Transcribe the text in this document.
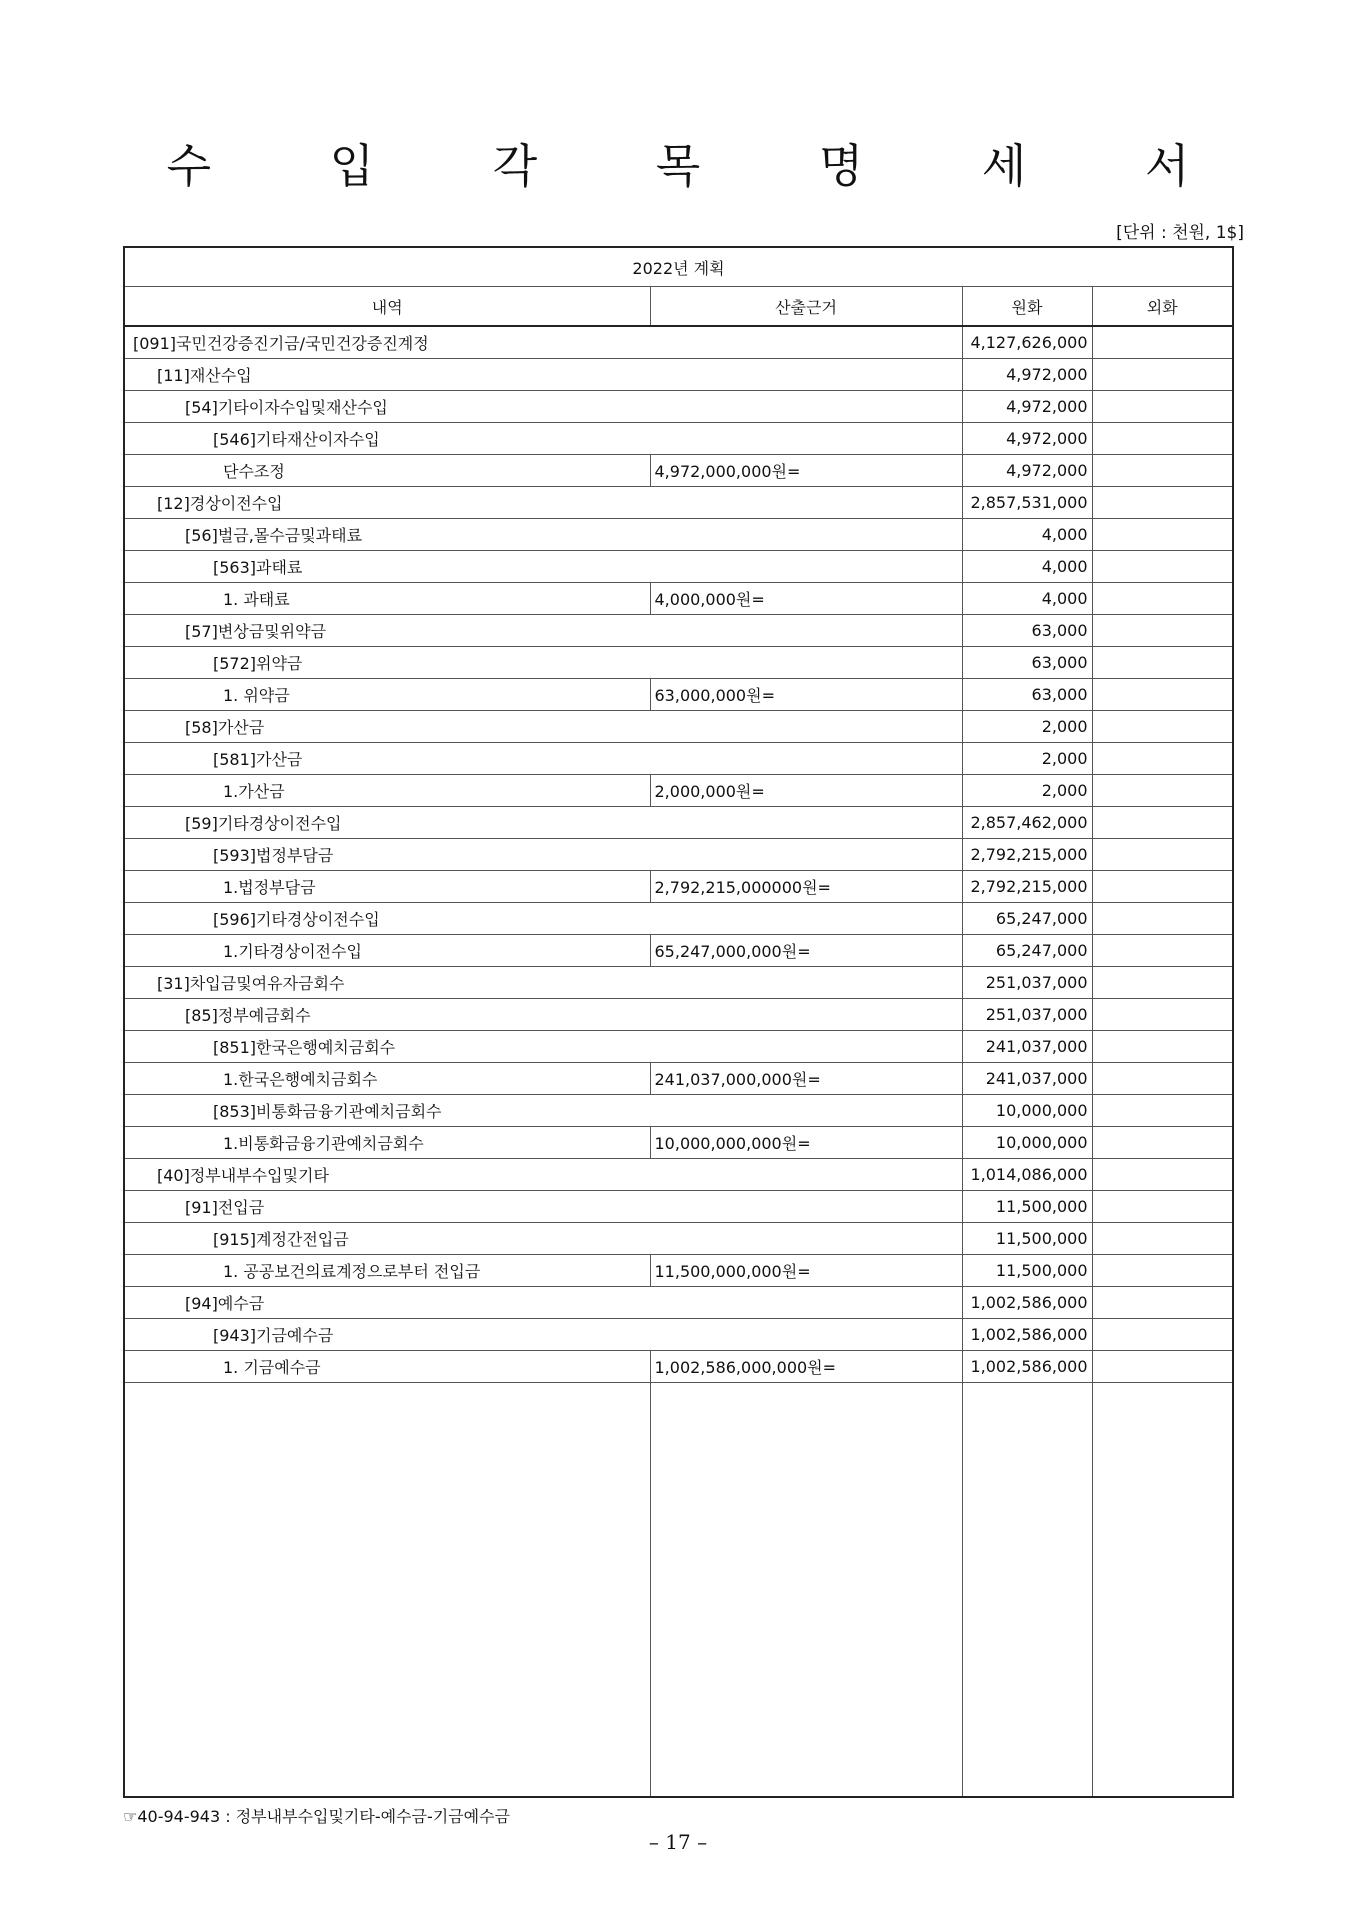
수 입 각 목 명 세 서
[단위 : 천원, 1$]
2022년 계획			
내역	산출근거	원화	외화
[091]국민건강증진기금/국민건강증진계정		4,127,626,000	
[11]재산수입		4,972,000	
[54]기타이자수입및재산수입		4,972,000	
[546]기타재산이자수입		4,972,000	
단수조정	4,972,000,000원=	4,972,000	
[12]경상이전수입		2,857,531,000	
[56]벌금,몰수금및과태료		4,000	
[563]과태료		4,000	
1. 과태료	4,000,000원=	4,000	
[57]변상금및위약금		63,000	
[572]위약금		63,000	
1. 위약금	63,000,000원=	63,000	
[58]가산금		2,000	
[581]가산금		2,000	
1.가산금	2,000,000원=	2,000	
[59]기타경상이전수입		2,857,462,000	
[593]법정부담금		2,792,215,000	
1.법정부담금	2,792,215,000000원=	2,792,215,000	
[596]기타경상이전수입		65,247,000	
1.기타경상이전수입	65,247,000,000원=	65,247,000	
[31]차입금및여유자금회수		251,037,000	
[85]정부예금회수		251,037,000	
[851]한국은행예치금회수		241,037,000	
1.한국은행예치금회수	241,037,000,000원=	241,037,000	
[853]비통화금융기관예치금회수		10,000,000	
1.비통화금융기관예치금회수	10,000,000,000원=	10,000,000	
[40]정부내부수입및기타		1,014,086,000	
[91]전입금		11,500,000	
[915]계정간전입금		11,500,000	
1. 공공보건의료계정으로부터 전입금	11,500,000,000원=	11,500,000	
[94]예수금		1,002,586,000	
[943]기금예수금		1,002,586,000	
1. 기금예수금	1,002,586,000,000원=	1,002,586,000	

☞40-94-943 : 정부내부수입및기타-예수금-기금예수금
– 17 –
